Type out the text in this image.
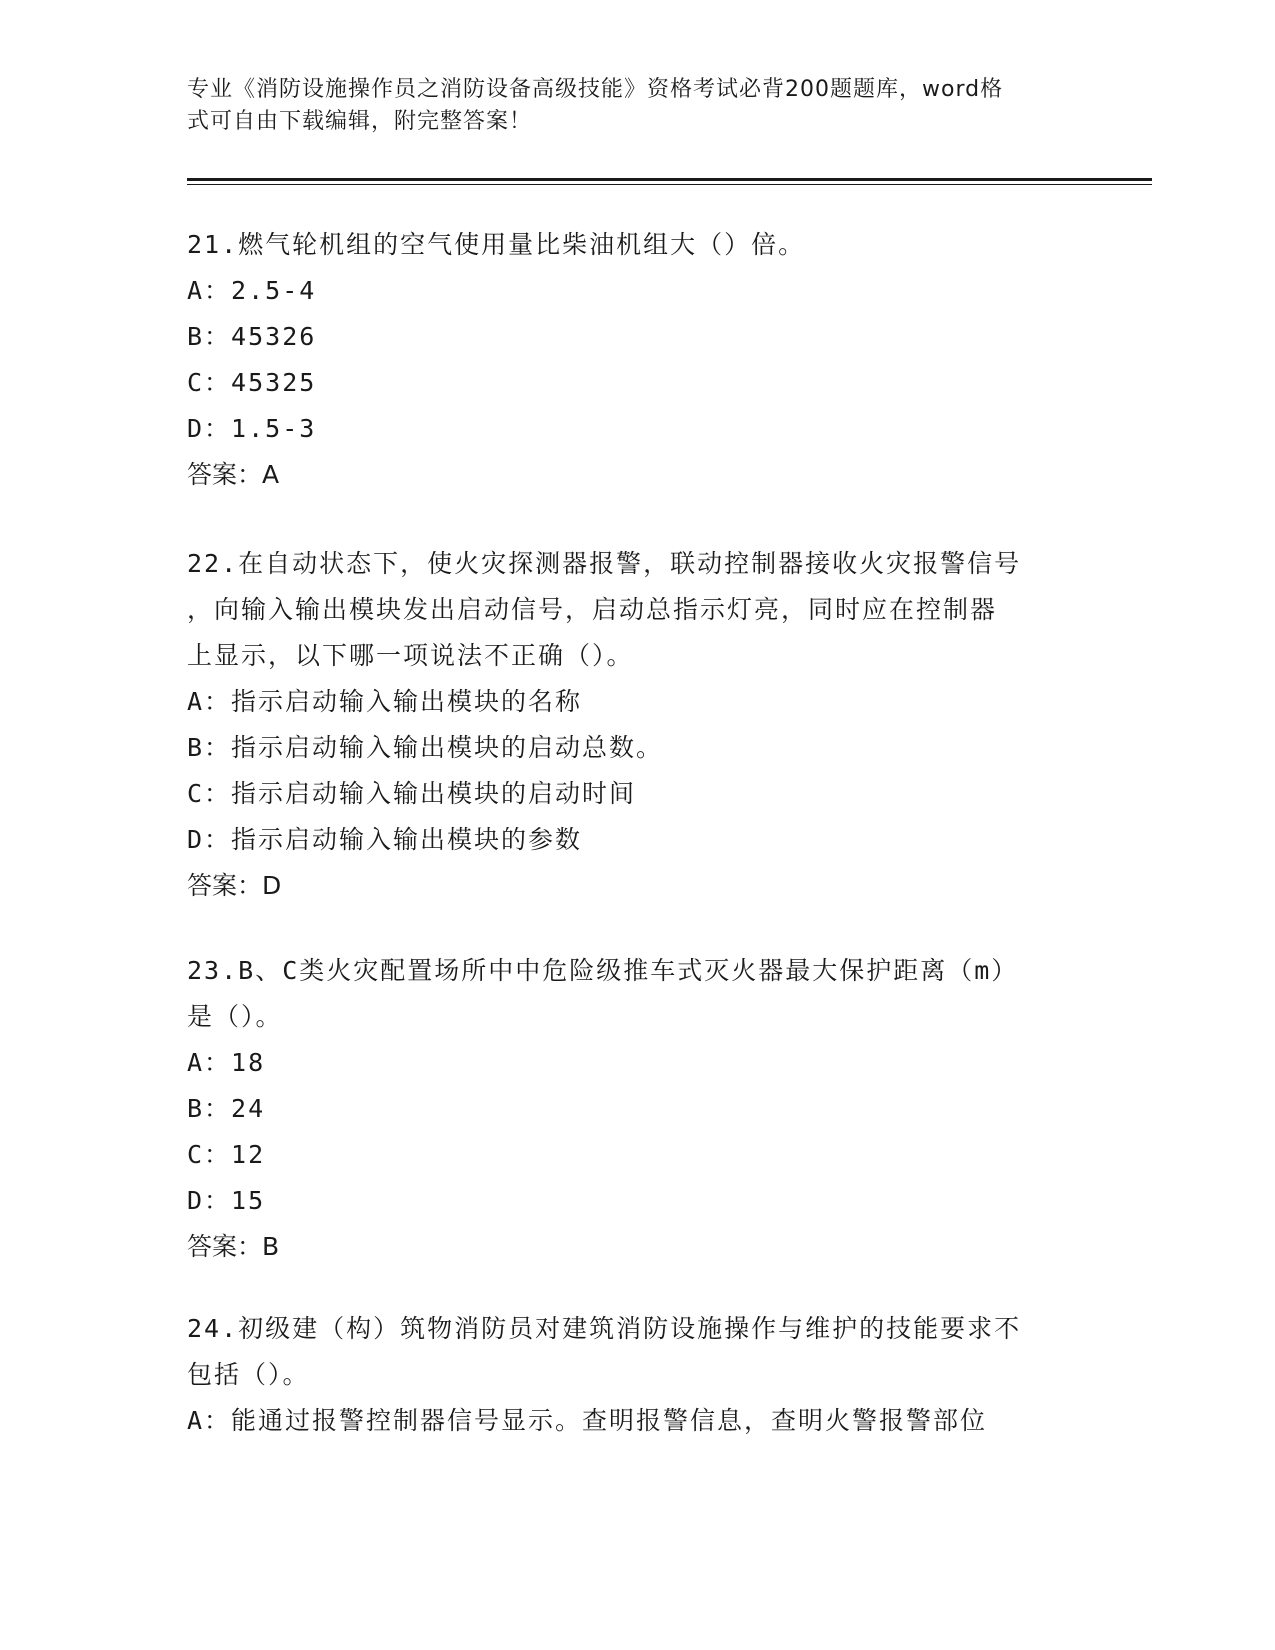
专业《消防设施操作员之消防设备高级技能》资格考试必背200题题库，word格
式可自由下载编辑，附完整答案！
21.燃气轮机组的空气使用量比柴油机组大（）倍。
A：2.5-4
B：45326
C：45325
D：1.5-3
答案：A
22.在自动状态下，使火灾探测器报警，联动控制器接收火灾报警信号
，向输入输出模块发出启动信号，启动总指示灯亮，同时应在控制器
上显示，以下哪一项说法不正确（）。
A：指示启动输入输出模块的名称
B：指示启动输入输出模块的启动总数。
C：指示启动输入输出模块的启动时间
D：指示启动输入输出模块的参数
答案：D
23.B、C类火灾配置场所中中危险级推车式灭火器最大保护距离（m）
是（）。
A：18
B：24
C：12
D：15
答案：B
24.初级建（构）筑物消防员对建筑消防设施操作与维护的技能要求不
包括（）。
A：能通过报警控制器信号显示。查明报警信息，查明火警报警部位
